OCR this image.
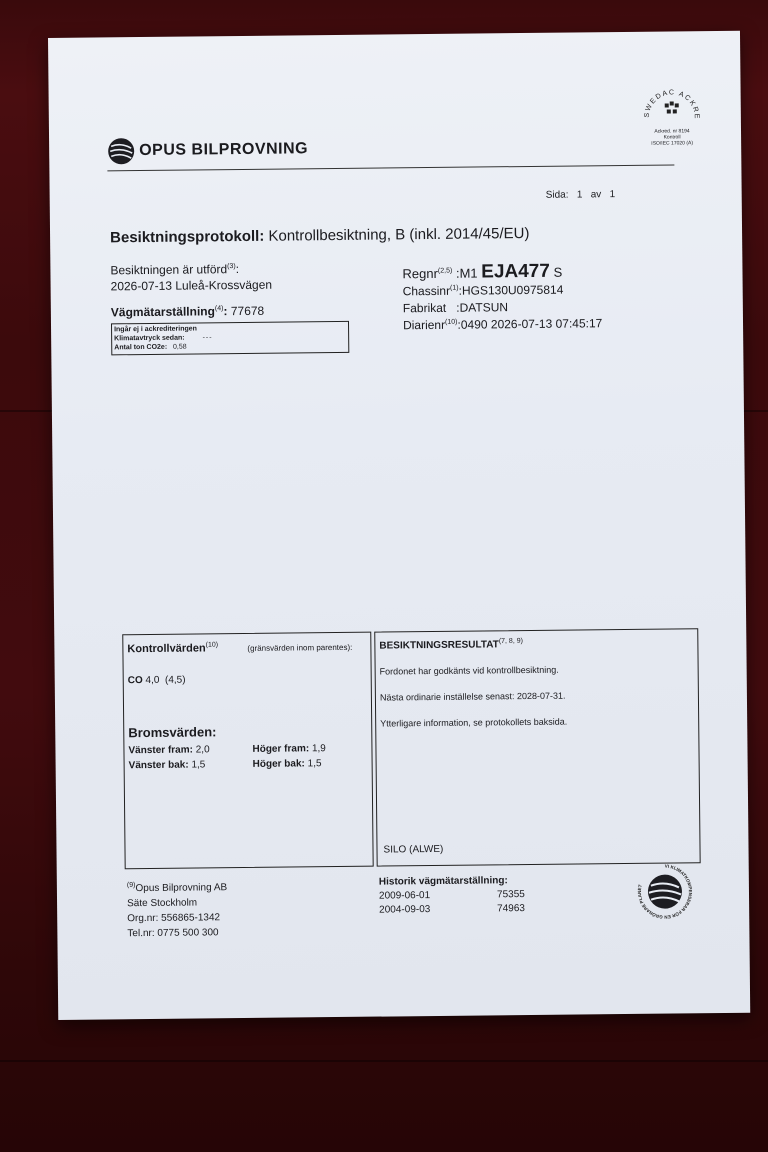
OPUS BILPROVNING
SWEDAC ACKREDITERING
Ackred. nr 8194
Kontroll
ISO/IEC 17020 (A)
Sida: 1 av 1
Besiktningsprotokoll: Kontrollbesiktning, B (inkl. 2014/45/EU)
Besiktningen är utförd$^{(3)}$:
2026-07-13 Luleå-Krossvägen
Vägmätarställning$^{(4)}$: 77678
Ingår ej i ackrediteringen
Klimatavtryck sedan:	---
Antal ton CO2e:
0,58
Regnr$^{(2,5)}$ :M1 EJA477 S
Chassinr$^{(1)}$:HGS130U0975814
Fabrikat :DATSUN
Diarienr$^{(10)}$:0490 2026-07-13 07:45:17
Kontrollvärden$^{(10)}$	(gränsvärden inom parentes):
CO 4,0 (4,5)
Bromsvärden:
Vänster fram: 2,0	Höger fram: 1,9
Vänster bak: 1,5	Höger bak: 1,5
BESIKTNINGSRESULTAT$^{(7, 8, 9)}$
Fordonet har godkänts vid kontrollbesiktning.
Nästa ordinarie inställelse senast: 2028-07-31.
Ytterligare information, se protokollets baksida.
SILO (ALWE)
$^{(9)}$Opus Bilprovning AB
Säte Stockholm
Org.nr: 556865-1342
Tel.nr: 0775 500 300
Historik vägmätarställning:
2009-06-01	75355
2004-09-03	74963
VI KLIMATKOMPENSERAR FÖR EN GRÖNARE PLANET
